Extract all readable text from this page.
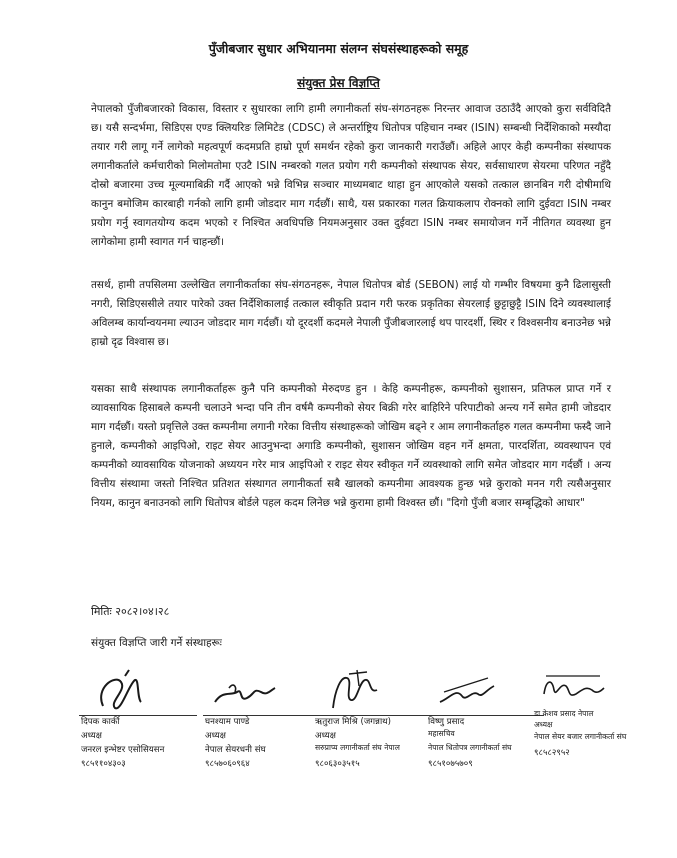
पुँजीबजार सुधार अभियानमा संलग्न संघसंस्थाहरूको समूह
संयुक्त प्रेस विज्ञप्ति

नेपालको पुँजीबजारको विकास, विस्तार र सुधारका लागि हामी लगानीकर्ता संघ-संगठनहरू निरन्तर आवाज उठाउँदै आएको कुरा सर्वविदितै छ। यसै सन्दर्भमा, सिडिएस एण्ड क्लियरिङ लिमिटेड (CDSC) ले अन्तर्राष्ट्रिय धितोपत्र पहिचान नम्बर (ISIN) सम्बन्धी निर्देशिकाको मस्यौदा तयार गरी लागू गर्ने लागेको महत्वपूर्ण कदमप्रति हाम्रो पूर्ण समर्थन रहेको कुरा जानकारी गराउँछौं। अहिले आएर केही कम्पनीका संस्थापक लगानीकर्ताले कर्मचारीको मिलोमतोमा एउटै ISIN नम्बरको गलत प्रयोग गरी कम्पनीको संस्थापक सेयर, सर्वसाधारण सेयरमा परिणत नहुँदै दोस्रो बजारमा उच्च मूल्यमाबिक्री गर्दै आएको भन्ने विभिन्न सञ्चार माध्यमबाट थाहा हुन आएकोले यसको तत्काल छानबिन गरी दोषीमाथि कानुन बमोजिम कारबाही गर्नको लागि हामी जोडदार माग गर्दछौं। साथै, यस प्रकारका गलत क्रियाकलाप रोक्नको लागि दुईवटा ISIN नम्बर प्रयोग गर्नु स्वागतयोग्य कदम भएको र निश्चित अवधिपछि नियमअनुसार उक्त दुईवटा ISIN नम्बर समायोजन गर्ने नीतिगत व्यवस्था हुन लागेकोमा हामी स्वागत गर्न चाहन्छौं।

तसर्थ, हामी तपसिलमा उल्लेखित लगानीकर्ताका संघ-संगठनहरू, नेपाल धितोपत्र बोर्ड (SEBON) लाई यो गम्भीर विषयमा कुनै ढिलासुस्ती नगरी, सिडिएससीले तयार पारेको उक्त निर्देशिकालाई तत्काल स्वीकृति प्रदान गरी फरक प्रकृतिका सेयरलाई छुट्टाछुट्टै ISIN दिने व्यवस्थालाई अविलम्ब कार्यान्वयनमा ल्याउन जोडदार माग गर्दछौं। यो दूरदर्शी कदमले नेपाली पुँजीबजारलाई थप पारदर्शी, स्थिर र विश्वसनीय बनाउनेछ भन्ने हाम्रो दृढ विश्वास छ।

यसका साथै संस्थापक लगानीकर्ताहरू कुनै पनि कम्पनीको मेरुदण्ड हुन । केहि कम्पनीहरू, कम्पनीको सुशासन, प्रतिफल प्राप्त गर्ने र व्यावसायिक हिसाबले कम्पनी चलाउने भन्दा पनि तीन वर्षमै कम्पनीको सेयर बिक्री गरेर बाहिरिने परिपाटीको अन्त्य गर्ने समेत हामी जोडदार माग गर्दछौं। यस्तो प्रवृत्तिले उक्त कम्पनीमा लगानी गरेका वित्तीय संस्थाहरूको जोखिम बढ्ने र आम लगानीकर्ताहरु गलत कम्पनीमा फस्दै जाने हुनाले, कम्पनीको आइपिओ, राइट सेयर आउनुभन्दा अगाडि कम्पनीको, सुशासन जोखिम वहन गर्ने क्षमता, पारदर्शिता, व्यवस्थापन एवं कम्पनीको व्यावसायिक योजनाको अध्ययन गरेर मात्र आइपिओ र राइट सेयर स्वीकृत गर्ने व्यवस्थाको लागि समेत जोडदार माग गर्दछौं । अन्य वित्तीय संस्थामा जस्तो निश्चित प्रतिशत संस्थागत लगानीकर्ता सबै खालको कम्पनीमा आवश्यक हुन्छ भन्ने कुराको मनन गरी त्यसैअनुसार नियम, कानुन बनाउनको लागि धितोपत्र बोर्डले पहल कदम लिनेछ भन्ने कुरामा हामी विश्वस्त छौं। "दिगो पुँजी बजार सम्बृद्धिको आधार"

मितिः २०८२।०४।२८
संयुक्त विज्ञप्ति जारी गर्ने संस्थाहरूः
दिपक कार्की
अध्यक्ष
जनरल इन्भेष्टर एसोसियसन
९८५११०४३०३
घनश्याम पाण्डे
अध्यक्ष
नेपाल सेयरधनी संघ
९८५७०६०९६४
ऋतुराज मिश्रि (जगन्नाथ)
अध्यक्ष
सरुप्राप्य लगानीकर्ता संघ नेपाल
९८०६३०३५१५
विष्णु प्रसाद
महासचिव
नेपाल धितोपत्र लगानीकर्ता संघ
९८५१०७५७०९
डा केशव प्रसाद नेपाल
अध्यक्ष
नेपाल सेयर बजार लगानीकर्ता संघ
९८५८२९५२
